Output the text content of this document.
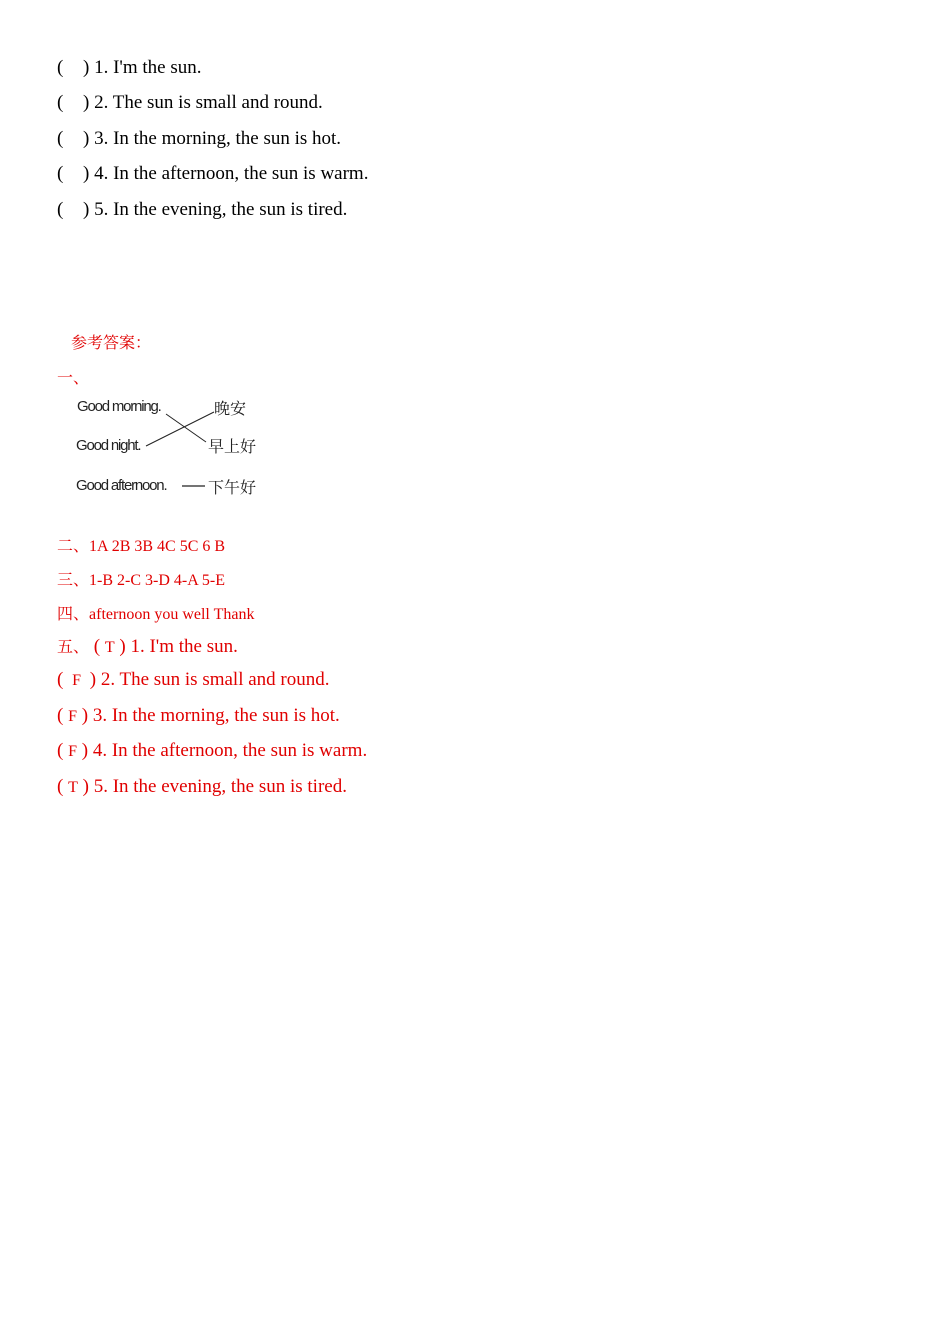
( ) 1. I'm the sun.
( ) 2. The sun is small and round.
( ) 3. In the morning, the sun is hot.
( ) 4. In the afternoon, the sun is warm.
( ) 5. In the evening, the sun is tired.
参考答案：
一、
Good morning.
Good night.
Good afternoon.
晚安
早上好
下午好
二、1A 2B 3B 4C 5C 6 B
三、1-B 2-C 3-D 4-A 5-E
四、afternoon you well Thank
五、 ( T ) 1. I'm the sun.
( F ) 2. The sun is small and round.
( F ) 3. In the morning, the sun is hot.
( F ) 4. In the afternoon, the sun is warm.
( T ) 5. In the evening, the sun is tired.
